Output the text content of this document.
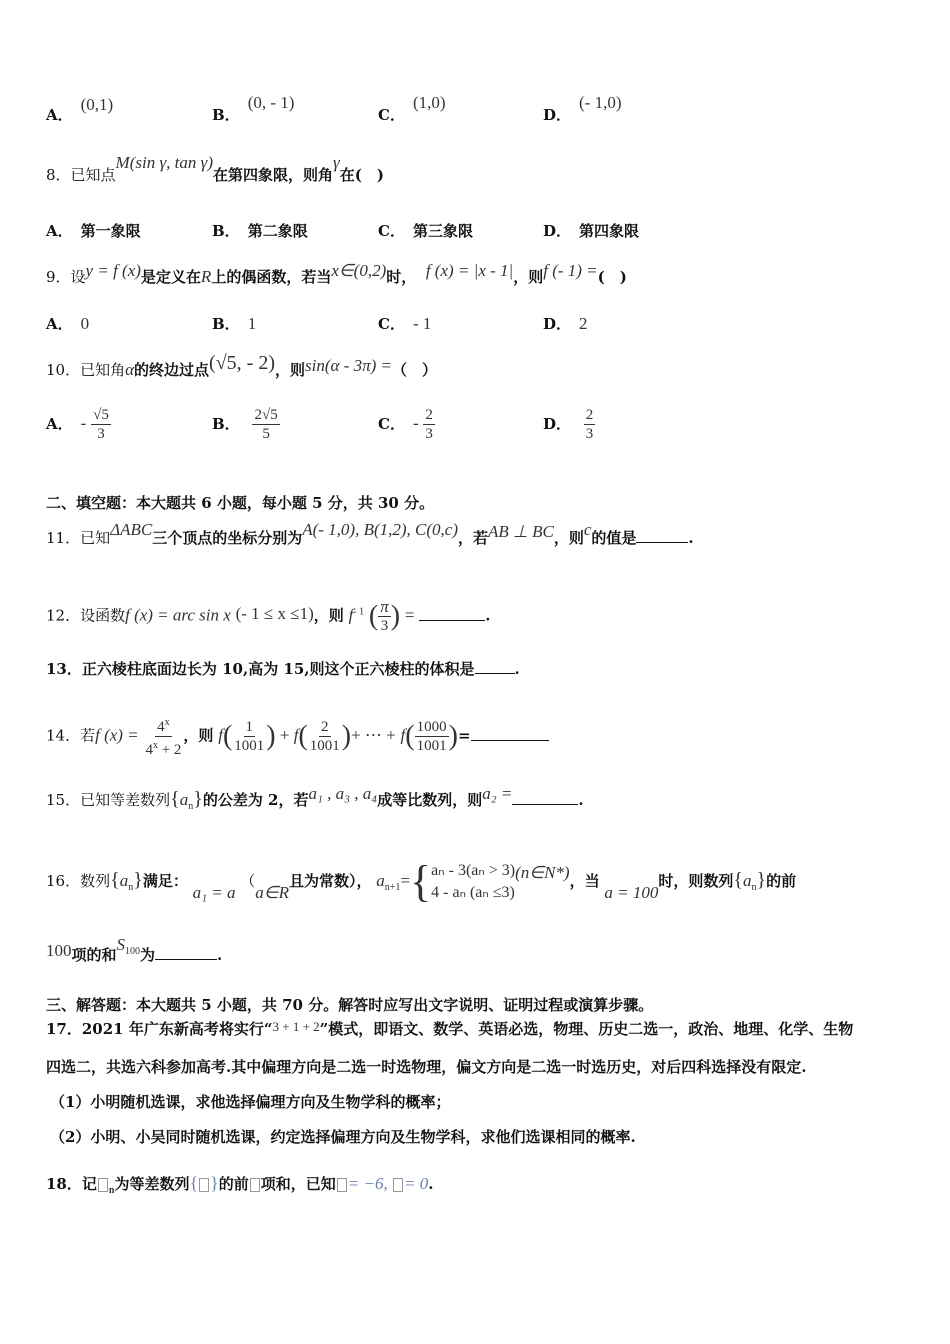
A．(0,1)
B．(0, - 1)
C．(1,0)
D．(- 1,0)
8．已知点M(sin γ, tan γ)在第四象限，则角γ在(　)
A． 第一象限	B． 第二象限	C． 第三象限	D． 第四象限
9．设y = f (x)是定义在R上的偶函数，若当x∈(0,2)时， f (x) = |x - 1|，则f (- 1) =(　)
A． 0	B． 1	C． - 1	D． 2
10．已知角α的终边过点(√5, - 2)，则sin(α - 3π) =（　）
A． - $\frac{√5}{3}$	B． $\frac{2√5}{5}$	C． - $\frac{2}{3}$	D． $\frac{2}{3}$
二、填空题：本大题共 6 小题，每小题 5 分，共 30 分。
11．已知ΔABC三个顶点的坐标分别为A(- 1,0), B(1,2), C(0,c)，若AB ⊥ BC，则c的值是	.
12．设函数f (x) = arc sin x (- 1 ≤ x ≤1)，则 $f^{- 1}$ ( $\frac{\pi}{3}$ ) =	.
13．正六棱柱底面边长为 10,高为 15,则这个正六棱柱的体积是	.
14．若f $(x) = \frac{4^x}{4^x + 2}$ ，则 $f( \frac{1}{1001}$ ) + $f( \frac{2}{1001}$ )+ ⋯ + $f( \frac{1000}{1001}$ )=
15．已知等差数列$\{a_n\}$的公差为 2，若a₁ , a₃ , a₄成等比数列，则a₂ =	.
16．数列$\{a_n\}$满足： a₁ = a （a∈R且为常数）， $a_{n+1}=${ aₙ - 3(aₙ > 3)
4 - aₙ (aₙ ≤3)
(n∈N*)，当 a = 100时，则数列$\{a_n\}$的前
100项的和$S_{100}$为	.
三、解答题：本大题共 5 小题，共 70 分。解答时应写出文字说明、证明过程或演算步骤。
17．2021 年广东新高考将实行“3 + 1 + 2”模式，即语文、数学、英语必选，物理、历史二选一，政治、地理、化学、生物
四选二，共选六科参加高考.其中偏理方向是二选一时选物理，偏文方向是二选一时选历史，对后四科选择没有限定.
（1）小明随机选课，求他选择偏理方向及生物学科的概率；
（2）小明、小吴同时随机选课，约定选择偏理方向及生物学科，求他们选课相同的概率.
18．记 $_n$为等差数列{ }的前 项和，已知 = −6, = 0.
